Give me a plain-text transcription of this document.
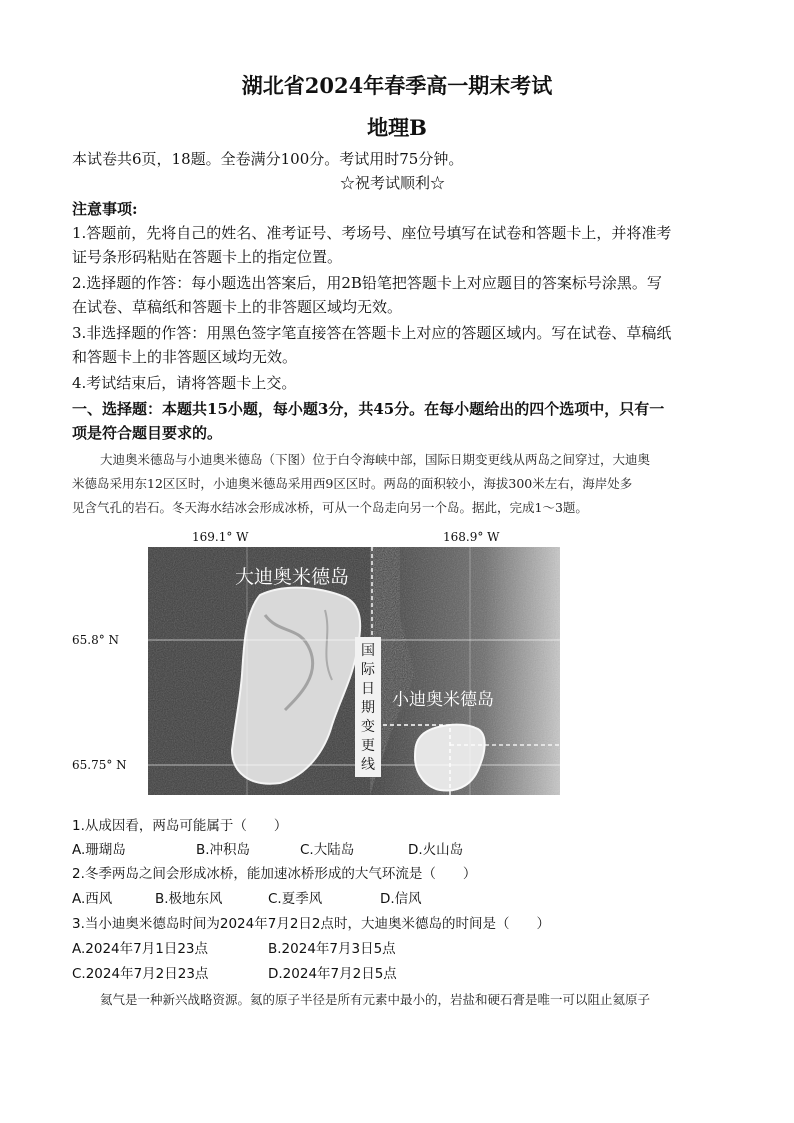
湖北省2024年春季高一期末考试
地理B
本试卷共6页，18题。全卷满分100分。考试用时75分钟。
☆祝考试顺利☆
注意事项:
1.答题前，先将自己的姓名、准考证号、考场号、座位号填写在试卷和答题卡上，并将准考
证号条形码粘贴在答题卡上的指定位置。
2.选择题的作答：每小题选出答案后，用2B铅笔把答题卡上对应题目的答案标号涂黑。写
在试卷、草稿纸和答题卡上的非答题区域均无效。
3.非选择题的作答：用黑色签字笔直接答在答题卡上对应的答题区域内。写在试卷、草稿纸
和答题卡上的非答题区域均无效。
4.考试结束后，请将答题卡上交。
一、选择题：本题共15小题，每小题3分，共45分。在每小题给出的四个选项中，只有一
项是符合题目要求的。
大迪奥米德岛与小迪奥米德岛（下图）位于白令海峡中部，国际日期变更线从两岛之间穿过，大迪奥
米德岛采用东12区区时，小迪奥米德岛采用西9区区时。两岛的面积较小，海拔300米左右，海岸处多
见含气孔的岩石。冬天海水结冰会形成冰桥，可从一个岛走向另一个岛。据此，完成1～3题。
国
际
日
期
变
更
线
大迪奥米德岛
小迪奥米德岛
169.1° W	168.9° W
65.8° N
65.75° N
1.从成因看，两岛可能属于（　　）
A.珊瑚岛	B.冲积岛	C.大陆岛	D.火山岛
2.冬季两岛之间会形成冰桥，能加速冰桥形成的大气环流是（　　）
A.西风	B.极地东风	C.夏季风	D.信风
3.当小迪奥米德岛时间为2024年7月2日2点时，大迪奥米德岛的时间是（　　）
A.2024年7月1日23点	B.2024年7月3日5点
C.2024年7月2日23点	D.2024年7月2日5点
氦气是一种新兴战略资源。氦的原子半径是所有元素中最小的，岩盐和硬石膏是唯一可以阻止氦原子
